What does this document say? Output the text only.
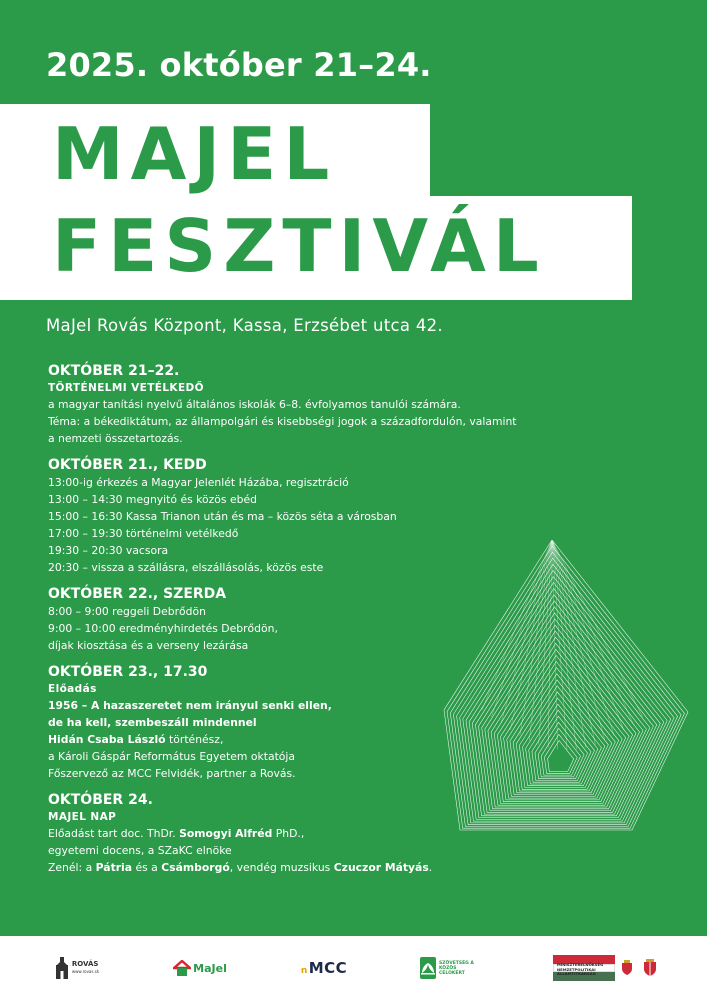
2025. október 21–24.
MAJEL
FESZTIVÁL
MaJel Rovás Központ, Kassa, Erzsébet utca 42.
OKTÓBER 21–22.
TÖRTÉNELMI VETÉLKEDŐ
a magyar tanítási nyelvű általános iskolák 6–8. évfolyamos tanulói számára.
Téma: a békediktátum, az állampolgári és kisebbségi jogok a századfordulón, valamint
a nemzeti összetartozás.
OKTÓBER 21., KEDD
13:00-ig érkezés a Magyar Jelenlét Házába, regisztráció
13:00 – 14:30 megnyitó és közös ebéd
15:00 – 16:30 Kassa Trianon után és ma – közös séta a városban
17:00 – 19:30 történelmi vetélkedő
19:30 – 20:30 vacsora
20:30 – vissza a szállásra, elszállásolás, közös este
OKTÓBER 22., SZERDA
8:00 – 9:00 reggeli Debrődön
9:00 – 10:00 eredményhirdetés Debrődön,
díjak kiosztása és a verseny lezárása
OKTÓBER 23., 17.30
Előadás
1956 – A hazaszeretet nem irányul senki ellen,
de ha kell, szembeszáll mindennel
Hidán Csaba László történész,
a Károli Gáspár Református Egyetem oktatója
Főszervező az MCC Felvidék, partner a Rovás.
OKTÓBER 24.
MAJEL NAP
Előadást tart doc. ThDr. Somogyi Alfréd PhD.,
egyetemi docens, a SZaKC elnöke
Zenél: a Pátria és a Csámborgó, vendég muzsikus Czuczor Mátyás.
ROVÁS
www.rovas.sk	MaJel	nMCC	SZÖVETSÉG A KÖZÖS CÉLOKÉRT
MINISZTERELNÖKSÉG NEMZETPOLITIKAI ÁLLAMTITKÁRSÁG
